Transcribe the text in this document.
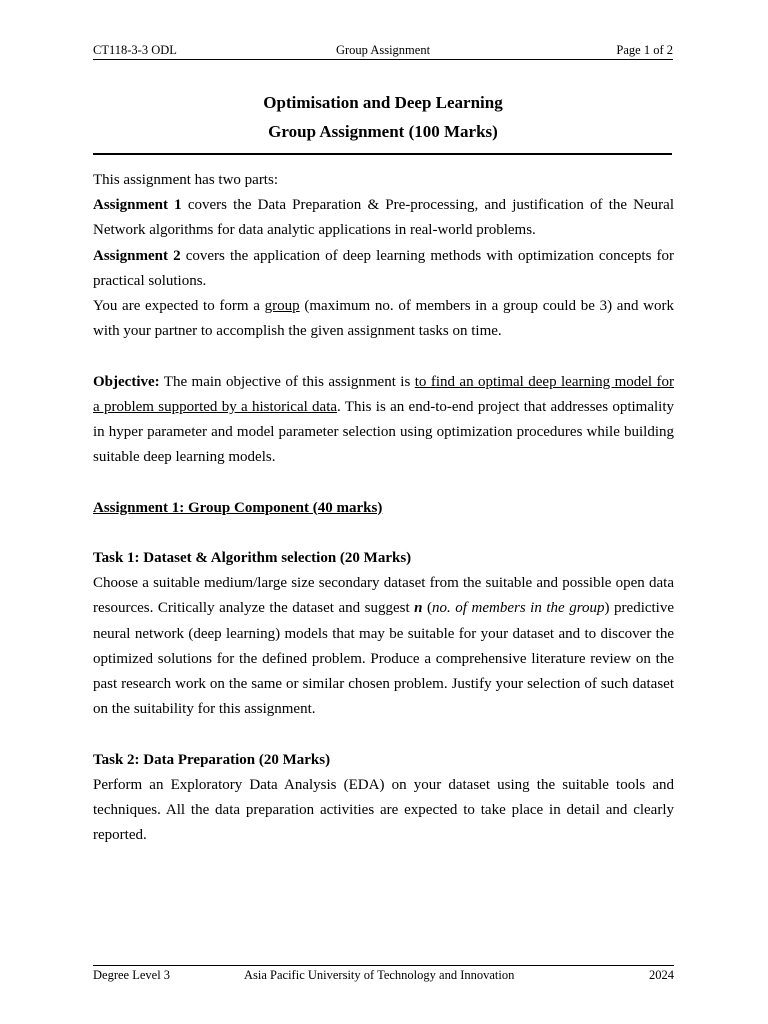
CT118-3-3 ODL	Group Assignment	Page 1 of 2
Optimisation and Deep Learning
Group Assignment (100 Marks)

This assignment has two parts:

Assignment 1 covers the Data Preparation & Pre-processing, and justification of the Neural Network algorithms for data analytic applications in real-world problems.

Assignment 2 covers the application of deep learning methods with optimization concepts for practical solutions.

You are expected to form a group (maximum no. of members in a group could be 3) and work with your partner to accomplish the given assignment tasks on time.

Objective: The main objective of this assignment is to find an optimal deep learning model for a problem supported by a historical data. This is an end-to-end project that addresses optimality in hyper parameter and model parameter selection using optimization procedures while building suitable deep learning models.

Assignment 1: Group Component (40 marks)

Task 1: Dataset & Algorithm selection (20 Marks)

Choose a suitable medium/large size secondary dataset from the suitable and possible open data resources. Critically analyze the dataset and suggest n (no. of members in the group) predictive neural network (deep learning) models that may be suitable for your dataset and to discover the optimized solutions for the defined problem. Produce a comprehensive literature review on the past research work on the same or similar chosen problem. Justify your selection of such dataset on the suitability for this assignment.

Task 2: Data Preparation (20 Marks)

Perform an Exploratory Data Analysis (EDA) on your dataset using the suitable tools and techniques. All the data preparation activities are expected to take place in detail and clearly reported.

Degree Level 3	Asia Pacific University of Technology and Innovation	2024
